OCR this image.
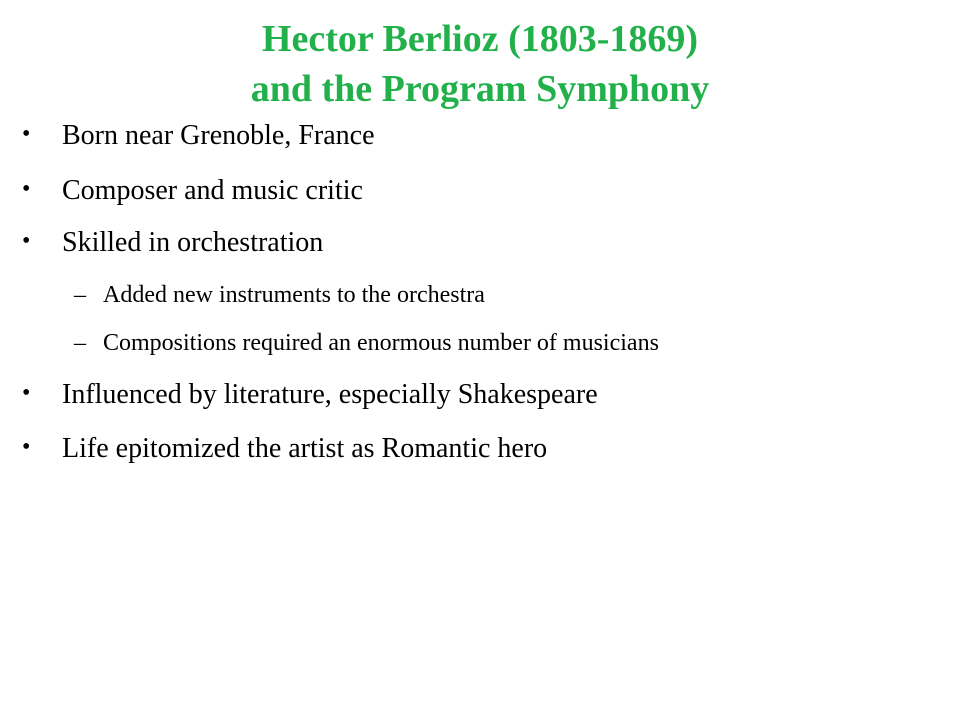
Hector Berlioz (1803-1869)
and the Program Symphony
• Born near Grenoble, France
• Composer and music critic
• Skilled in orchestration
– Added new instruments to the orchestra
– Compositions required an enormous number of musicians
• Influenced by literature, especially Shakespeare
• Life epitomized the artist as Romantic hero
